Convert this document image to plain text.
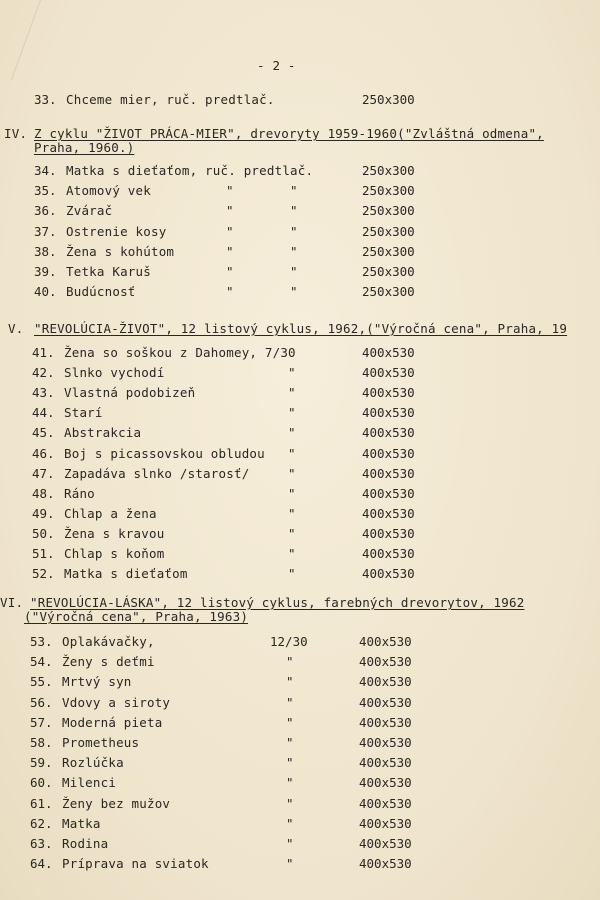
- 2 -
33. Chceme mier, ruč. predtlač.	250x300
IV. Z cyklu "ŽIVOT PRÁCA-MIER", drevoryty 1959-1960("Zvláštná odmena",
Praha, 1960.)
34. Matka s dieťaťom, ruč. predtlač.	250x300
35. Atomový vek	"	"	250x300
36. Zvárač	"	"	250x300
37. Ostrenie kosy	"	"	250x300
38. Žena s kohútom	"	"	250x300
39. Tetka Karuš	"	"	250x300
40. Budúcnosť	"	"	250x300
V. "REVOLÚCIA-ŽIVOT", 12 listový cyklus, 1962,("Výročná cena", Praha, 19
41. Žena so soškou z Dahomey, 7/30	400x530
42. Slnko vychodí	"	400x530
43. Vlastná podobizeň	"	400x530
44. Starí	"	400x530
45. Abstrakcia	"	400x530
46. Boj s picassovskou obludou "	400x530
47. Zapadáva slnko /starosť/	"	400x530
48. Ráno	"	400x530
49. Chlap a žena	"	400x530
50. Žena s kravou	"	400x530
51. Chlap s koňom	"	400x530
52. Matka s dieťaťom	"	400x530
VI. "REVOLÚCIA-LÁSKA", 12 listový cyklus, farebných drevorytov, 1962
("Výročná cena", Praha, 1963)
53. Oplakávačky,	12/30	400x530
54. Ženy s deťmi	"	400x530
55. Mrtvý syn	"	400x530
56. Vdovy a siroty	"	400x530
57. Moderná pieta	"	400x530
58. Prometheus	"	400x530
59. Rozlúčka	"	400x530
60. Milenci	"	400x530
61. Ženy bez mužov	"	400x530
62. Matka	"	400x530
63. Rodina	"	400x530
64. Príprava na sviatok	"	400x530
